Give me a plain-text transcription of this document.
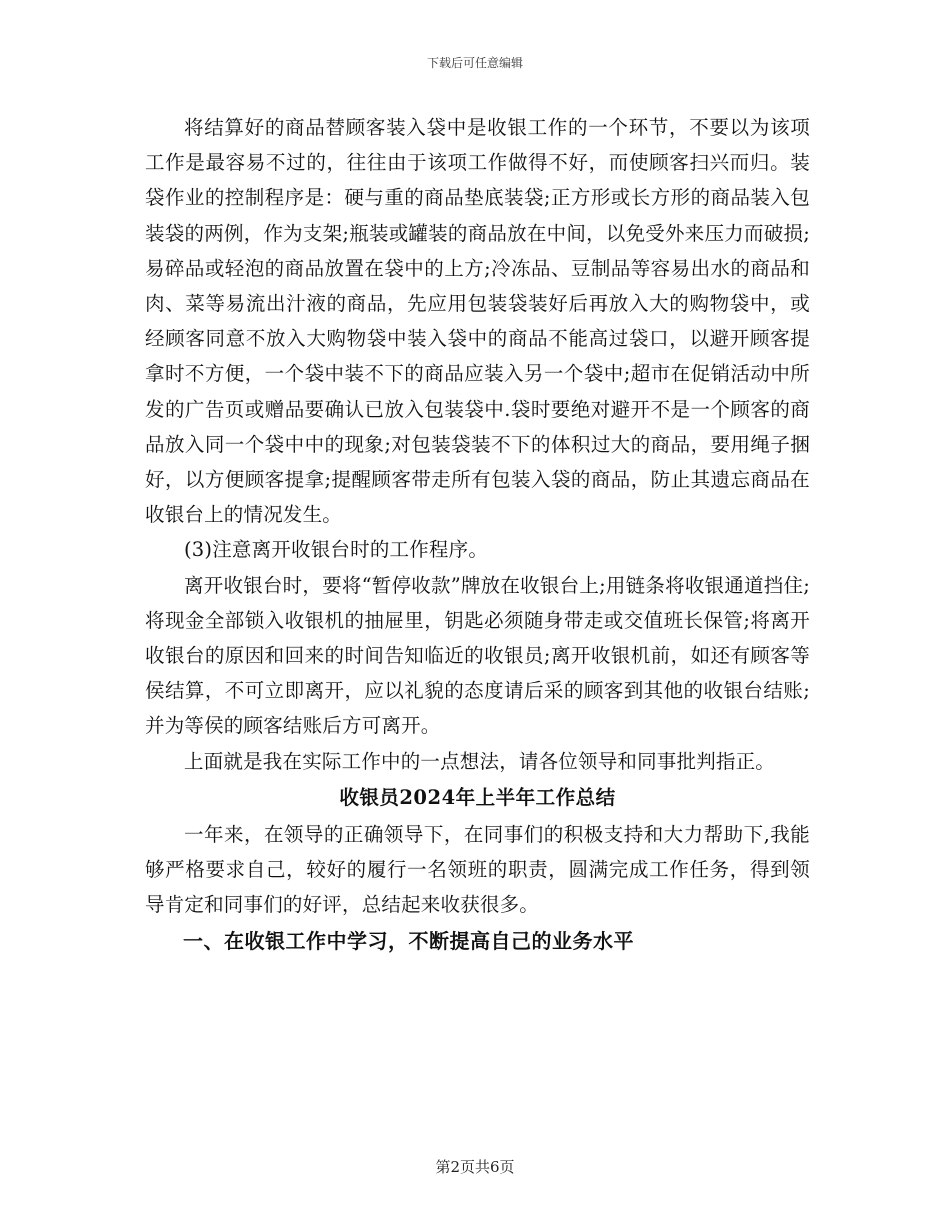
下载后可任意编辑

将结算好的商品替顾客装入袋中是收银工作的一个环节，不要以为该项工作是最容易不过的，往往由于该项工作做得不好，而使顾客扫兴而归。装袋作业的控制程序是：硬与重的商品垫底装袋;正方形或长方形的商品装入包装袋的两例，作为支架;瓶装或罐装的商品放在中间，以免受外来压力而破损;易碎品或轻泡的商品放置在袋中的上方;冷冻品、豆制品等容易出水的商品和肉、菜等易流出汁液的商品，先应用包装袋装好后再放入大的购物袋中，或经顾客同意不放入大购物袋中装入袋中的商品不能高过袋口，以避开顾客提拿时不方便，一个袋中装不下的商品应装入另一个袋中;超市在促销活动中所发的广告页或赠品要确认已放入包装袋中.袋时要绝对避开不是一个顾客的商品放入同一个袋中中的现象;对包装袋装不下的体积过大的商品，要用绳子捆好，以方便顾客提拿;提醒顾客带走所有包装入袋的商品，防止其遗忘商品在收银台上的情况发生。

(3)注意离开收银台时的工作程序。

离开收银台时，要将“暂停收款”牌放在收银台上;用链条将收银通道挡住;将现金全部锁入收银机的抽屉里，钥匙必须随身带走或交值班长保管;将离开收银台的原因和回来的时间告知临近的收银员;离开收银机前，如还有顾客等侯结算，不可立即离开，应以礼貌的态度请后采的顾客到其他的收银台结账;并为等侯的顾客结账后方可离开。

上面就是我在实际工作中的一点想法，请各位领导和同事批判指正。

收银员2024年上半年工作总结

一年来，在领导的正确领导下，在同事们的积极支持和大力帮助下,我能够严格要求自己，较好的履行一名领班的职责，圆满完成工作任务，得到领导肯定和同事们的好评，总结起来收获很多。

一、在收银工作中学习，不断提高自己的业务水平

第2页共6页
